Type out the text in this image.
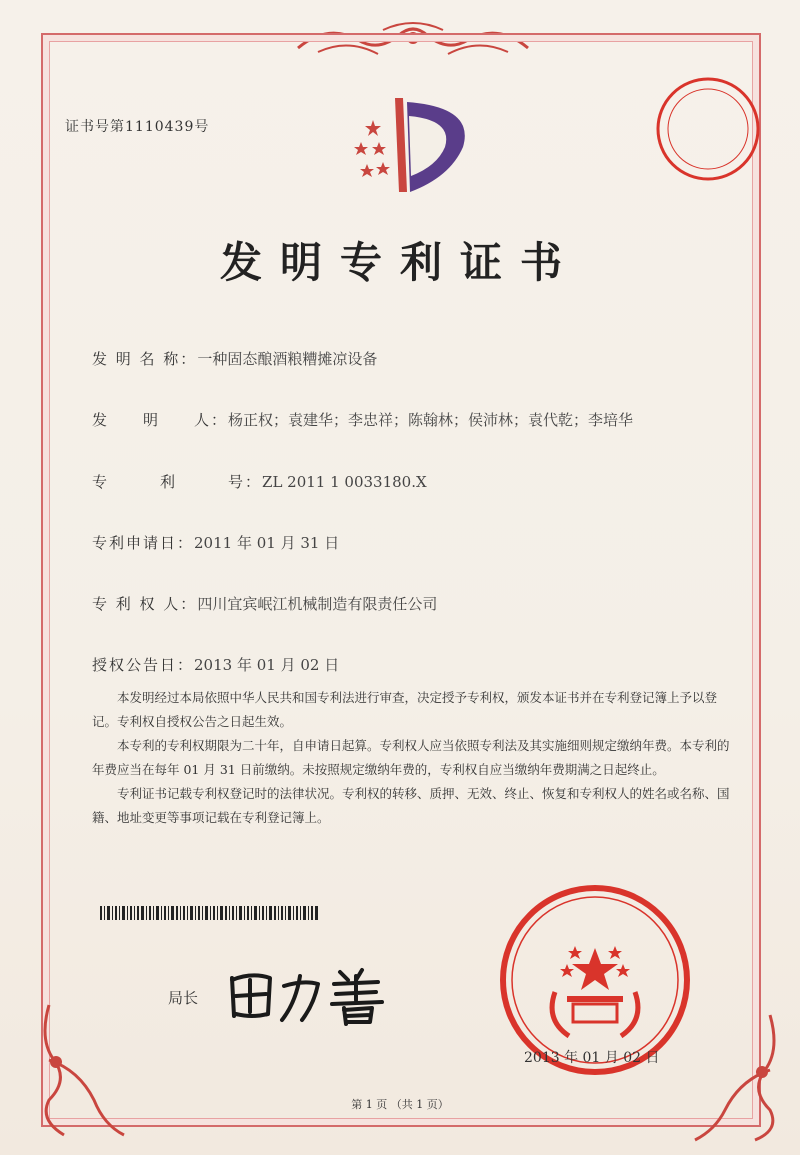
证书号第1110439号
发明专利证书
发 明 名 称：一种固态酿酒粮糟摊凉设备
发　　明　　人：杨正权；袁建华；李忠祥；陈翰林；侯沛林；袁代乾；李培华
专　　　利　　　号：ZL 2011 1 0033180.X
专利申请日：2011 年 01 月 31 日
专 利 权 人：四川宜宾岷江机械制造有限责任公司
授权公告日：2013 年 01 月 02 日

本发明经过本局依照中华人民共和国专利法进行审查，决定授予专利权，颁发本证书并在专利登记簿上予以登记。专利权自授权公告之日起生效。

本专利的专利权期限为二十年，自申请日起算。专利权人应当依照专利法及其实施细则规定缴纳年费。本专利的年费应当在每年 01 月 31 日前缴纳。未按照规定缴纳年费的，专利权自应当缴纳年费期满之日起终止。

专利证书记载专利权登记时的法律状况。专利权的转移、质押、无效、终止、恢复和专利权人的姓名或名称、国籍、地址变更等事项记载在专利登记簿上。

局长
2013 年 01 月 02 日
第 1 页 （共 1 页）
